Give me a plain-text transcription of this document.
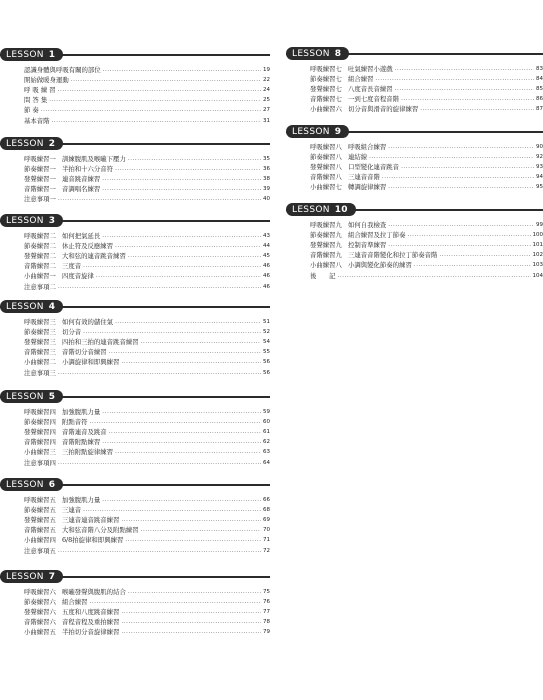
LESSON 1
認識身體與呼吸有關的部位 .....	19
開始做暖身運動 .....	22
呼 吸 練 習 .....	24
問 答 集 .....	25
節 奏 .....	27
基本音階 .....	31
LESSON 2
呼吸練習一 訓練腹肌及喉嚨下壓力 .....	35
節奏練習一 半拍和十六分音符 .....	36
發聲練習一 連音跳音練習 .....	38
音階練習一 音調唱名練習 .....	39
注意事項一 .....	40
LESSON 3
呼吸練習二 如何把氣延長 .....	43
節奏練習二 休止符及反應練習 .....	44
發聲練習二 大和弦的連音跳音練習 .....	45
音階練習二 三度音 .....	46
小曲練習一 四度音旋律 .....	46
注意事項二 .....	46
LESSON 4
呼吸練習三 如何有效的儲住氣 .....	51
節奏練習三 切分音 .....	52
發聲練習三 四拍和三拍的連音跳音練習 .....	54
音階練習三 音階切分音練習 .....	55
小曲練習二 小調旋律和即興練習 .....	56
注意事項三 .....	56
LESSON 5
呼吸練習四 加強腹肌力量 .....	59
節奏練習四 附點音符 .....	60
發聲練習四 音階連音及跳音 .....	61
音階練習四 音階附點練習 .....	62
小曲練習三 三拍附點旋律練習 .....	63
注意事項四 .....	64
LESSON 6
呼吸練習五 加強腹肌力量 .....	66
節奏練習五 三連音 .....	68
發聲練習五 三連音連音跳音練習 .....	69
音階練習五 大和弦音階八分及附點練習 .....	70
小曲練習四 6/8拍旋律和即興練習 .....	71
注意事項五 .....	72
LESSON 7
呼吸練習六 喉嚨發聲與腹肌的結合 .....	75
節奏練習六 組合練習 .....	76
發聲練習六 五度和八度跳音練習 .....	77
音階練習六 音程音程及重拍練習 .....	78
小曲練習五 半拍切分音旋律練習 .....	79
LESSON 8
呼吸練習七 吐氣練習小遊戲 .....	83
節奏練習七 組合練習 .....	84
發聲練習七 八度音長音練習 .....	85
音階練習七 一到七度音程音階 .....	86
小曲練習六 切分音與滑音的旋律練習 .....	87
LESSON 9
呼吸練習八 呼吸組合練習 .....	90
節奏練習八 連結線 .....	92
發聲練習八 口型變化連音跳音 .....	93
音階練習八 三連音音階 .....	94
小曲練習七 轉調旋律練習 .....	95
LESSON 10
呼吸練習九 如何自我檢查 .....	99
節奏練習九 組合練習及拉丁節奏 .....	100
發聲練習九 控制音準練習 .....	101
音階練習九 三連音音階變化和拉丁節奏音階 .....	102
小曲練習八 小調與變化節奏的練習 .....	103
後　　記 .....	104
